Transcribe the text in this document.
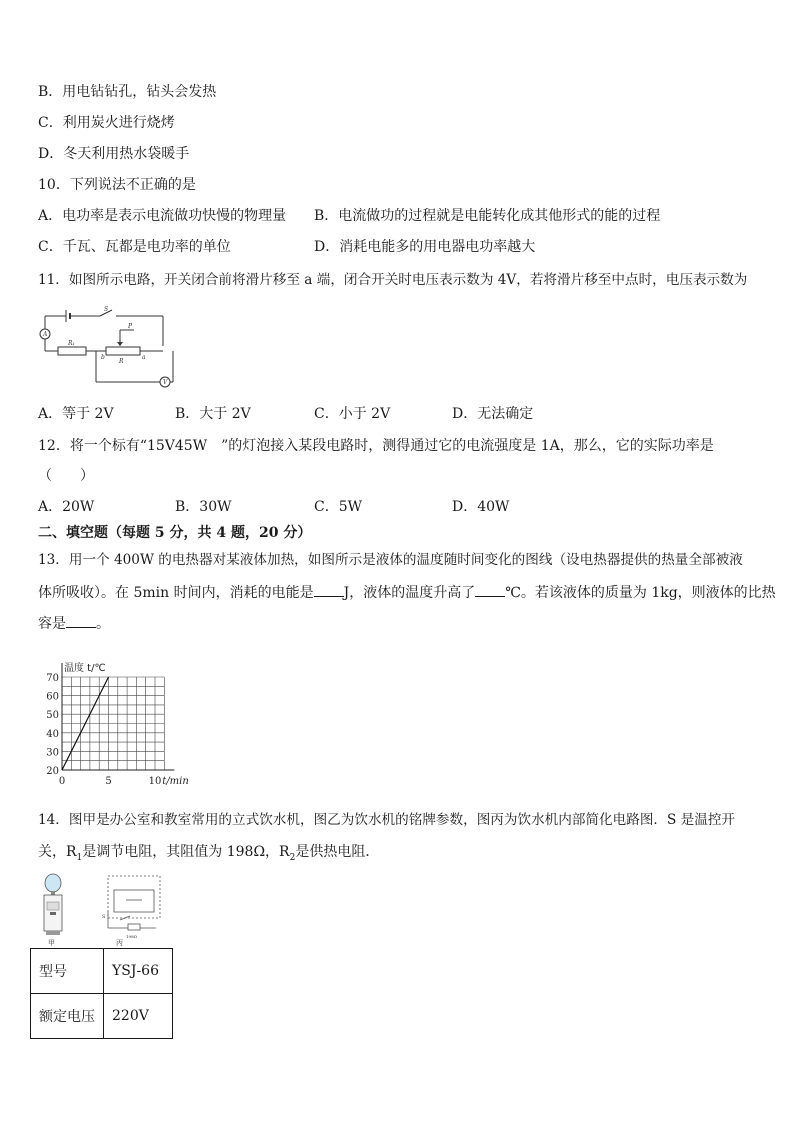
B．用电钻钻孔，钻头会发热
C．利用炭火进行烧烤
D．冬天利用热水袋暖手
10．下列说法不正确的是
A．电功率是表示电流做功快慢的物理量 B．电流做功的过程就是电能转化成其他形式的能的过程
C．千瓦、瓦都是电功率的单位	D．消耗电能多的用电器电功率越大
11．如图所示电路，开关闭合前将滑片移至 a 端，闭合开关时电压表示数为 4V，若将滑片移至中点时，电压表示数为
A
S
R₁
P
b
R
a
V
A．等于 2V	B．大于 2V	C．小于 2V	D．无法确定
12．将一个标有“15V45W　”的灯泡接入某段电路时，测得通过它的电流强度是 1A，那么，它的实际功率是
（　　）
A．20W	B．30W	C．5W	D．40W
二、填空题（每题 5 分，共 4 题，20 分）
13．用一个 400W 的电热器对某液体加热，如图所示是液体的温度随时间变化的图线（设电热器提供的热量全部被液
体所吸收）。在 5min 时间内，消耗的电能是 J，液体的温度升高了 ℃。若该液体的质量为 1kg，则液体的比热
容是 。
20
30
40
50
60
70
0	5	10
温度 t/℃
t/min
14．图甲是办公室和教室常用的立式饮水机，图乙为饮水机的铭牌参数，图丙为饮水机内部简化电路图．S 是温控开
关，$R_1$是调节电阻，其阻值为 198Ω，$R_2$是供热电阻．
甲
S
198Ω
丙
型号	YSJ-66
额定电压	220V
